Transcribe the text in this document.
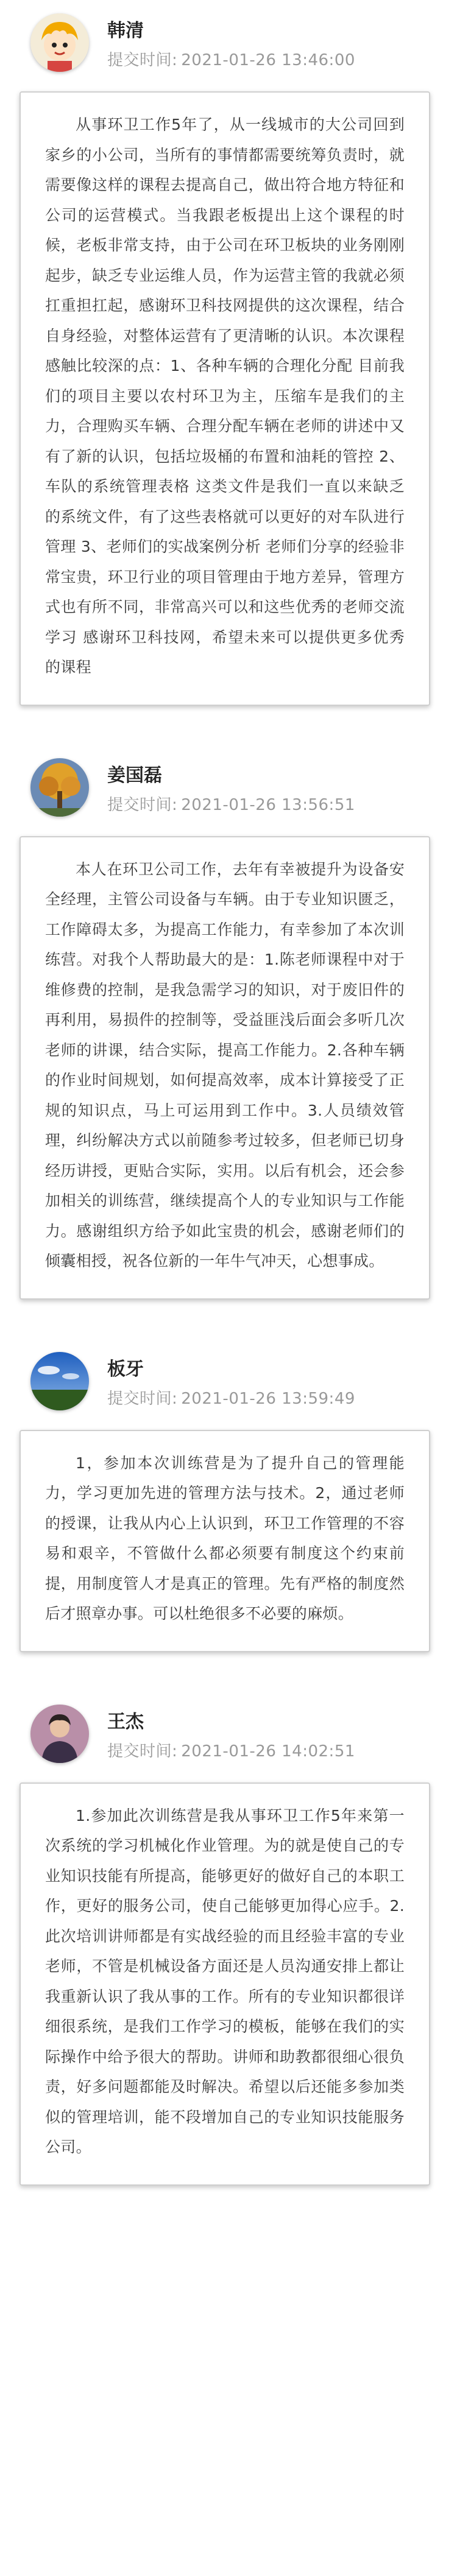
韩清
提交时间: 2021-01-26 13:46:00

从事环卫工作5年了，从一线城市的大公司回到家乡的小公司，当所有的事情都需要统筹负责时，就需要像这样的课程去提高自己，做出符合地方特征和公司的运营模式。当我跟老板提出上这个课程的时候，老板非常支持，由于公司在环卫板块的业务刚刚起步，缺乏专业运维人员，作为运营主管的我就必须扛重担扛起，感谢环卫科技网提供的这次课程，结合自身经验，对整体运营有了更清晰的认识。本次课程感触比较深的点：1、各种车辆的合理化分配 目前我们的项目主要以农村环卫为主，压缩车是我们的主力，合理购买车辆、合理分配车辆在老师的讲述中又有了新的认识，包括垃圾桶的布置和油耗的管控 2、车队的系统管理表格 这类文件是我们一直以来缺乏的系统文件，有了这些表格就可以更好的对车队进行管理 3、老师们的实战案例分析 老师们分享的经验非常宝贵，环卫行业的项目管理由于地方差异，管理方式也有所不同，非常高兴可以和这些优秀的老师交流学习 感谢环卫科技网，希望未来可以提供更多优秀的课程

姜国磊
提交时间: 2021-01-26 13:56:51

本人在环卫公司工作，去年有幸被提升为设备安全经理，主管公司设备与车辆。由于专业知识匮乏，工作障碍太多，为提高工作能力，有幸参加了本次训练营。对我个人帮助最大的是：1.陈老师课程中对于维修费的控制，是我急需学习的知识，对于废旧件的再利用，易损件的控制等，受益匪浅后面会多听几次老师的讲课，结合实际，提高工作能力。2.各种车辆的作业时间规划，如何提高效率，成本计算接受了正规的知识点，马上可运用到工作中。3.人员绩效管理，纠纷解决方式以前随参考过较多，但老师已切身经历讲授，更贴合实际，实用。以后有机会，还会参加相关的训练营，继续提高个人的专业知识与工作能力。感谢组织方给予如此宝贵的机会，感谢老师们的倾囊相授，祝各位新的一年牛气冲天，心想事成。

板牙
提交时间: 2021-01-26 13:59:49

1，参加本次训练营是为了提升自己的管理能力，学习更加先进的管理方法与技术。2，通过老师的授课，让我从内心上认识到，环卫工作管理的不容易和艰辛，不管做什么都必须要有制度这个约束前提，用制度管人才是真正的管理。先有严格的制度然后才照章办事。可以杜绝很多不必要的麻烦。

王杰
提交时间: 2021-01-26 14:02:51

1.参加此次训练营是我从事环卫工作5年来第一次系统的学习机械化作业管理。为的就是使自己的专业知识技能有所提高，能够更好的做好自己的本职工作，更好的服务公司，使自己能够更加得心应手。2.此次培训讲师都是有实战经验的而且经验丰富的专业老师，不管是机械设备方面还是人员沟通安排上都让我重新认识了我从事的工作。所有的专业知识都很详细很系统，是我们工作学习的模板，能够在我们的实际操作中给予很大的帮助。讲师和助教都很细心很负责，好多问题都能及时解决。希望以后还能多参加类似的管理培训，能不段增加自己的专业知识技能服务公司。
